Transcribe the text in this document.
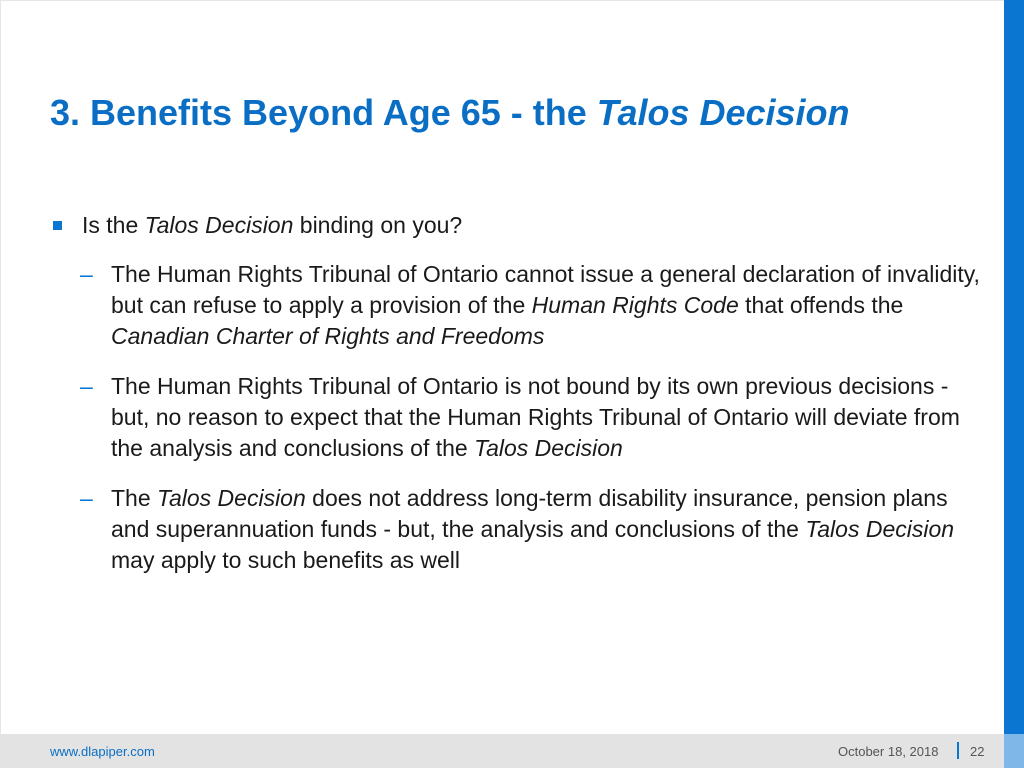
3. Benefits Beyond Age 65 - the Talos Decision
Is the Talos Decision binding on you?
– The Human Rights Tribunal of Ontario cannot issue a general declaration of invalidity, but can refuse to apply a provision of the Human Rights Code that offends the Canadian Charter of Rights and Freedoms
– The Human Rights Tribunal of Ontario is not bound by its own previous decisions - but, no reason to expect that the Human Rights Tribunal of Ontario will deviate from the analysis and conclusions of the Talos Decision
– The Talos Decision does not address long-term disability insurance, pension plans and superannuation funds - but, the analysis and conclusions of the Talos Decision may apply to such benefits as well
www.dlapiper.com	October 18, 2018 22
